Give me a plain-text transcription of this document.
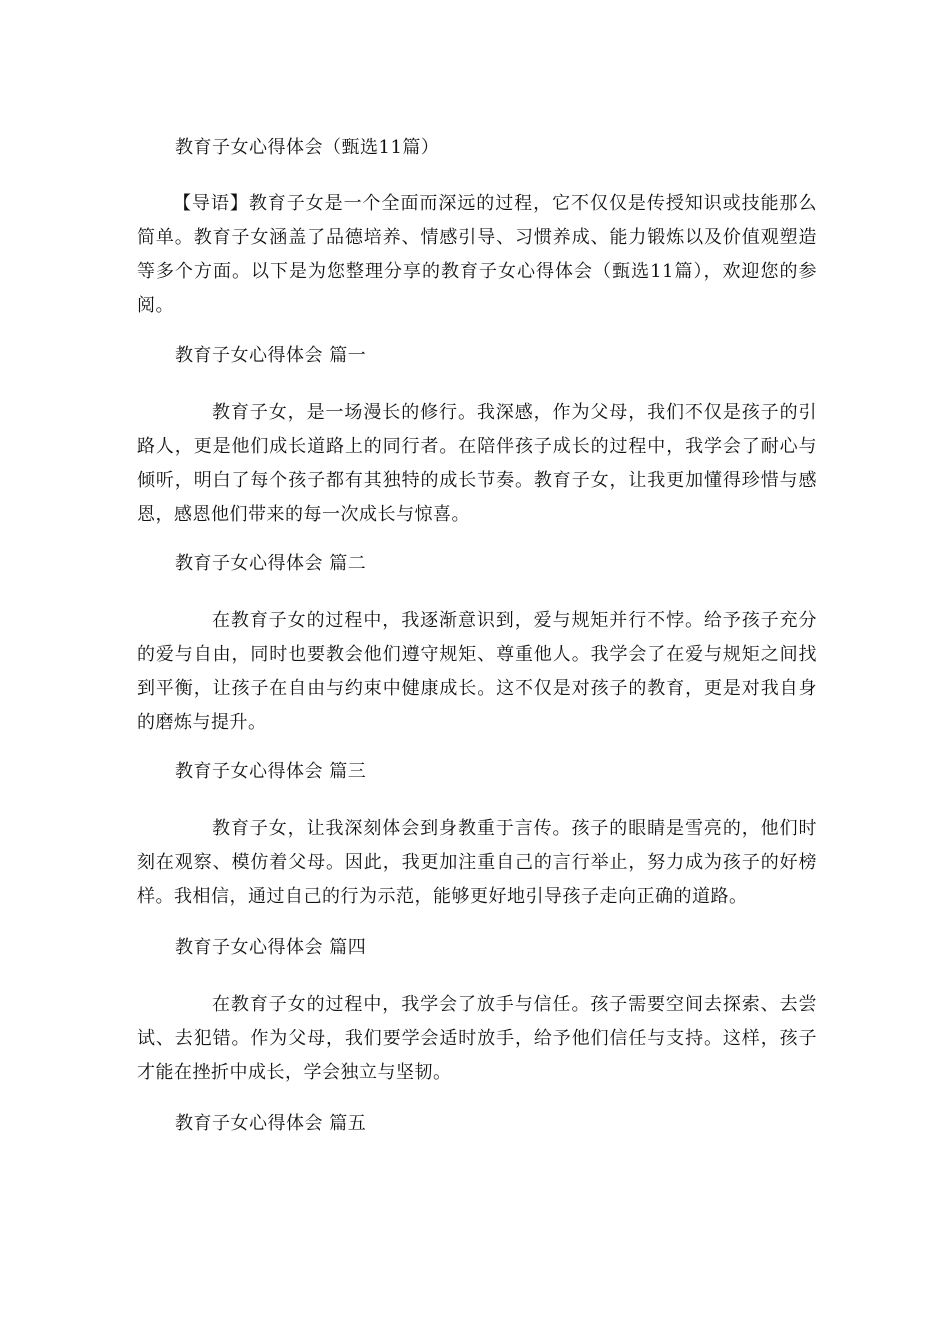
教育子女心得体会（甄选11篇）
【导语】教育子女是一个全面而深远的过程，它不仅仅是传授知识或技能那么简单。教育子女涵盖了品德培养、情感引导、习惯养成、能力锻炼以及价值观塑造等多个方面。以下是为您整理分享的教育子女心得体会（甄选11篇），欢迎您的参阅。
教育子女心得体会 篇一
教育子女，是一场漫长的修行。我深感，作为父母，我们不仅是孩子的引路人，更是他们成长道路上的同行者。在陪伴孩子成长的过程中，我学会了耐心与倾听，明白了每个孩子都有其独特的成长节奏。教育子女，让我更加懂得珍惜与感恩，感恩他们带来的每一次成长与惊喜。
教育子女心得体会 篇二
在教育子女的过程中，我逐渐意识到，爱与规矩并行不悖。给予孩子充分的爱与自由，同时也要教会他们遵守规矩、尊重他人。我学会了在爱与规矩之间找到平衡，让孩子在自由与约束中健康成长。这不仅是对孩子的教育，更是对我自身的磨炼与提升。
教育子女心得体会 篇三
教育子女，让我深刻体会到身教重于言传。孩子的眼睛是雪亮的，他们时刻在观察、模仿着父母。因此，我更加注重自己的言行举止，努力成为孩子的好榜样。我相信，通过自己的行为示范，能够更好地引导孩子走向正确的道路。
教育子女心得体会 篇四
在教育子女的过程中，我学会了放手与信任。孩子需要空间去探索、去尝试、去犯错。作为父母，我们要学会适时放手，给予他们信任与支持。这样，孩子才能在挫折中成长，学会独立与坚韧。
教育子女心得体会 篇五
